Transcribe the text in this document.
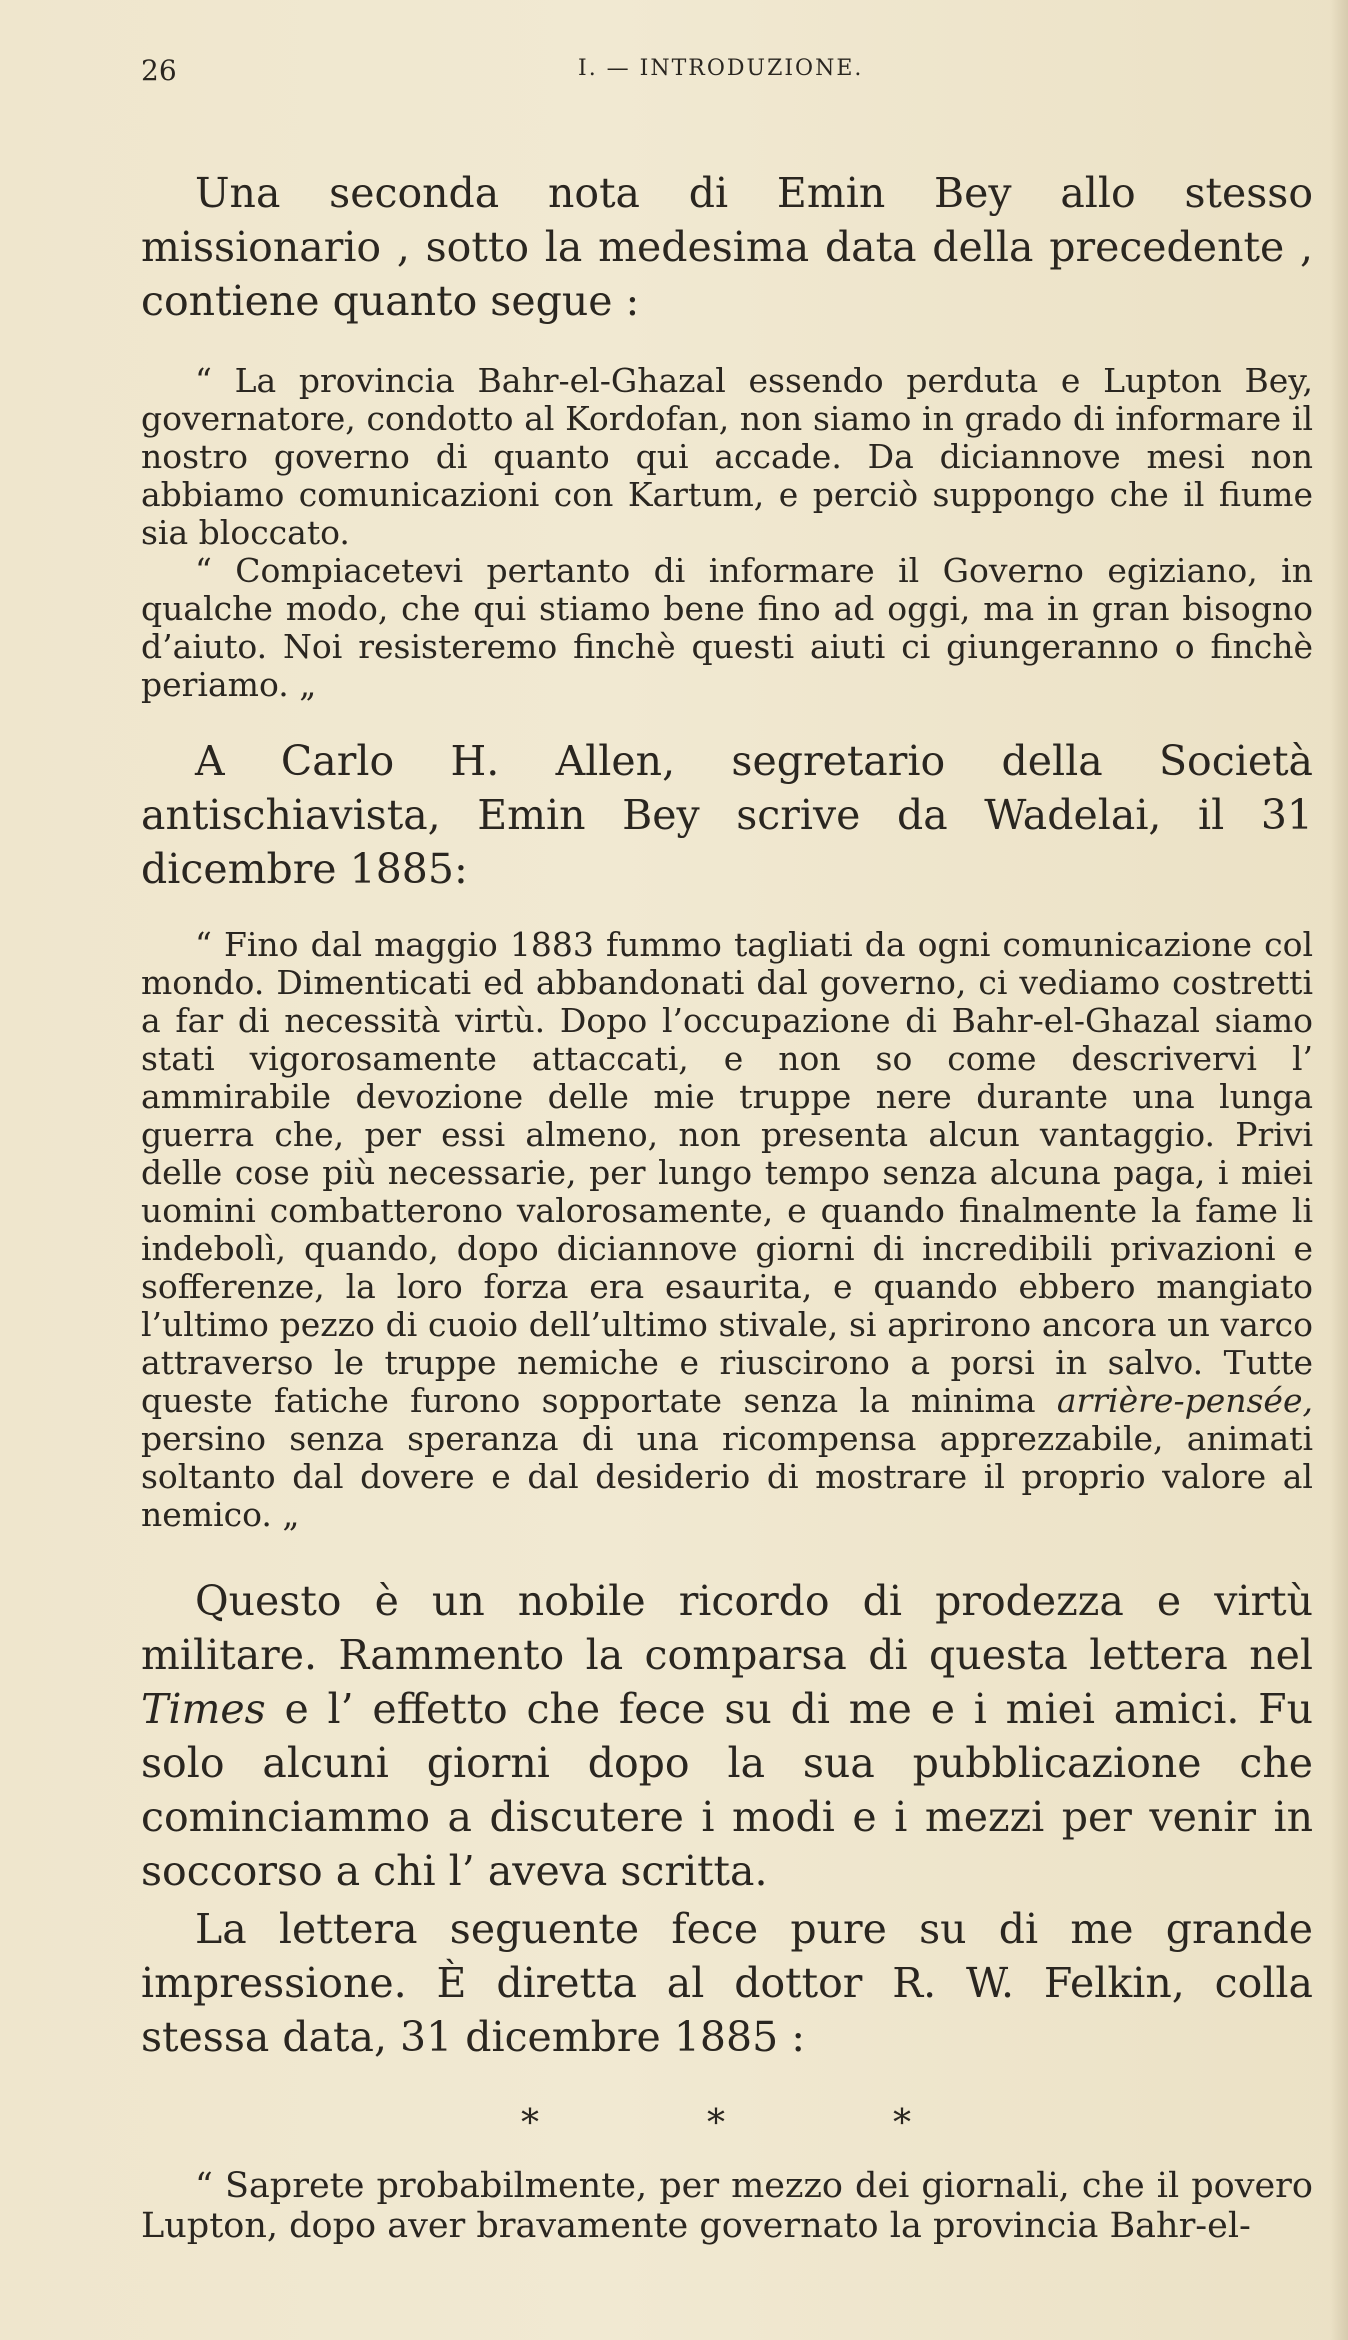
26	I. — INTRODUZIONE.

Una seconda nota di Emin Bey allo stesso missionario , sotto la medesima data della precedente , contiene quanto segue :

“ La provincia Bahr-el-Ghazal essendo perduta e Lupton Bey, governatore, condotto al Kordofan, non siamo in grado di informare il nostro governo di quanto qui accade. Da diciannove mesi non abbiamo comunicazioni con Kartum, e perciò suppongo che il fiume sia bloccato.

“ Compiacetevi pertanto di informare il Governo egiziano, in qualche modo, che qui stiamo bene fino ad oggi, ma in gran bisogno d’aiuto. Noi resisteremo finchè questi aiuti ci giungeranno o finchè periamo. „

A Carlo H. Allen, segretario della Società antischiavista, Emin Bey scrive da Wadelai, il 31 dicembre 1885:

“ Fino dal maggio 1883 fummo tagliati da ogni comunicazione col mondo. Dimenticati ed abbandonati dal governo, ci vediamo costretti a far di necessità virtù. Dopo l’occupazione di Bahr-el-Ghazal siamo stati vigorosamente attaccati, e non so come descrivervi l’ ammirabile devozione delle mie truppe nere durante una lunga guerra che, per essi almeno, non presenta alcun vantaggio. Privi delle cose più necessarie, per lungo tempo senza alcuna paga, i miei uomini combatterono valorosamente, e quando finalmente la fame li indebolì, quando, dopo diciannove giorni di incredibili privazioni e sofferenze, la loro forza era esaurita, e quando ebbero mangiato l’ultimo pezzo di cuoio dell’ultimo stivale, si aprirono ancora un varco attraverso le truppe nemiche e riuscirono a porsi in salvo. Tutte queste fatiche furono sopportate senza la minima arrière-pensée, persino senza speranza di una ricompensa apprezzabile, animati soltanto dal dovere e dal desiderio di mostrare il proprio valore al nemico. „

Questo è un nobile ricordo di prodezza e virtù militare. Rammento la comparsa di questa lettera nel Times e l’ effetto che fece su di me e i miei amici. Fu solo alcuni giorni dopo la sua pubblicazione che cominciammo a discutere i modi e i mezzi per venir in soccorso a chi l’ aveva scritta.

La lettera seguente fece pure su di me grande impressione. È diretta al dottor R. W. Felkin, colla stessa data, 31 dicembre 1885 :

*	*	*

“ Saprete probabilmente, per mezzo dei giornali, che il povero Lupton, dopo aver bravamente governato la provincia Bahr-el-
